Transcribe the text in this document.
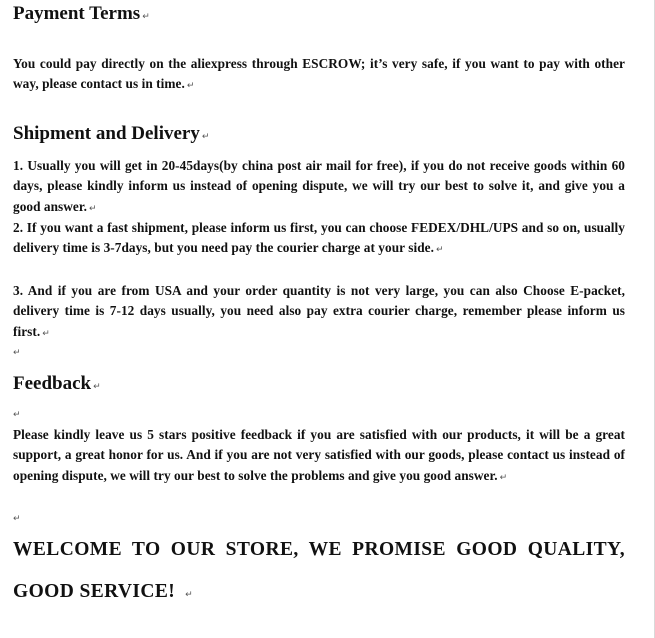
Payment Terms ↵
You could pay directly on the aliexpress through ESCROW; it’s very safe, if you want to pay with other way, please contact us in time. ↵
Shipment and Delivery ↵
1. Usually you will get in 20-45days(by china post air mail for free), if you do not receive goods within 60 days, please kindly inform us instead of opening dispute, we will try our best to solve it, and give you a good answer. ↵
2. If you want a fast shipment, please inform us first, you can choose FEDEX/DHL/UPS and so on, usually delivery time is 3-7days, but you need pay the courier charge at your side. ↵
3. And if you are from USA and your order quantity is not very large, you can also Choose E-packet, delivery time is 7-12 days usually, you need also pay extra courier charge, remember please inform us first. ↵
↵
Feedback ↵
↵
Please kindly leave us 5 stars positive feedback if you are satisfied with our products, it will be a great support, a great honor for us. And if you are not very satisfied with our goods, please contact us instead of opening dispute, we will try our best to solve the problems and give you good answer. ↵
↵
WELCOME TO OUR STORE, WE PROMISE GOOD QUALITY, GOOD SERVICE! ↵
